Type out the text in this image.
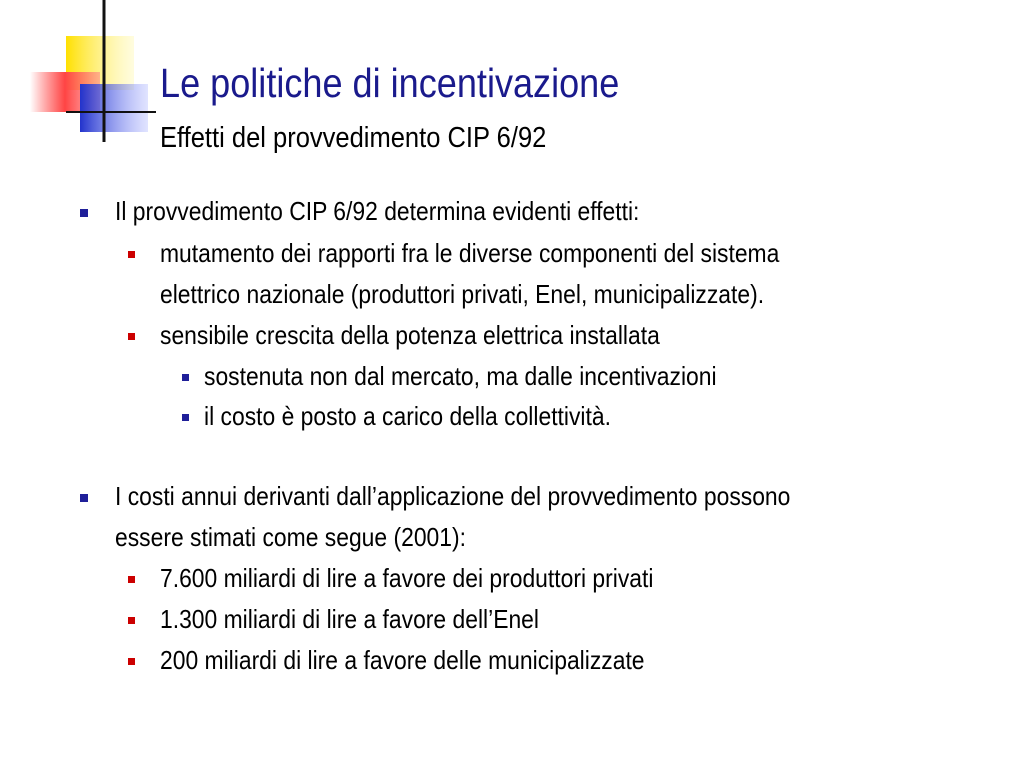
Le politiche di incentivazione
Effetti del provvedimento CIP 6/92
Il provvedimento CIP 6/92 determina evidenti effetti:
mutamento dei rapporti fra le diverse componenti del sistema
elettrico nazionale (produttori privati, Enel, municipalizzate).
sensibile crescita della potenza elettrica installata
sostenuta non dal mercato, ma dalle incentivazioni
il costo è posto a carico della collettività.
I costi annui derivanti dall’applicazione del provvedimento possono
essere stimati come segue (2001):
7.600 miliardi di lire a favore dei produttori privati
1.300 miliardi di lire a favore dell’Enel
200 miliardi di lire a favore delle municipalizzate
